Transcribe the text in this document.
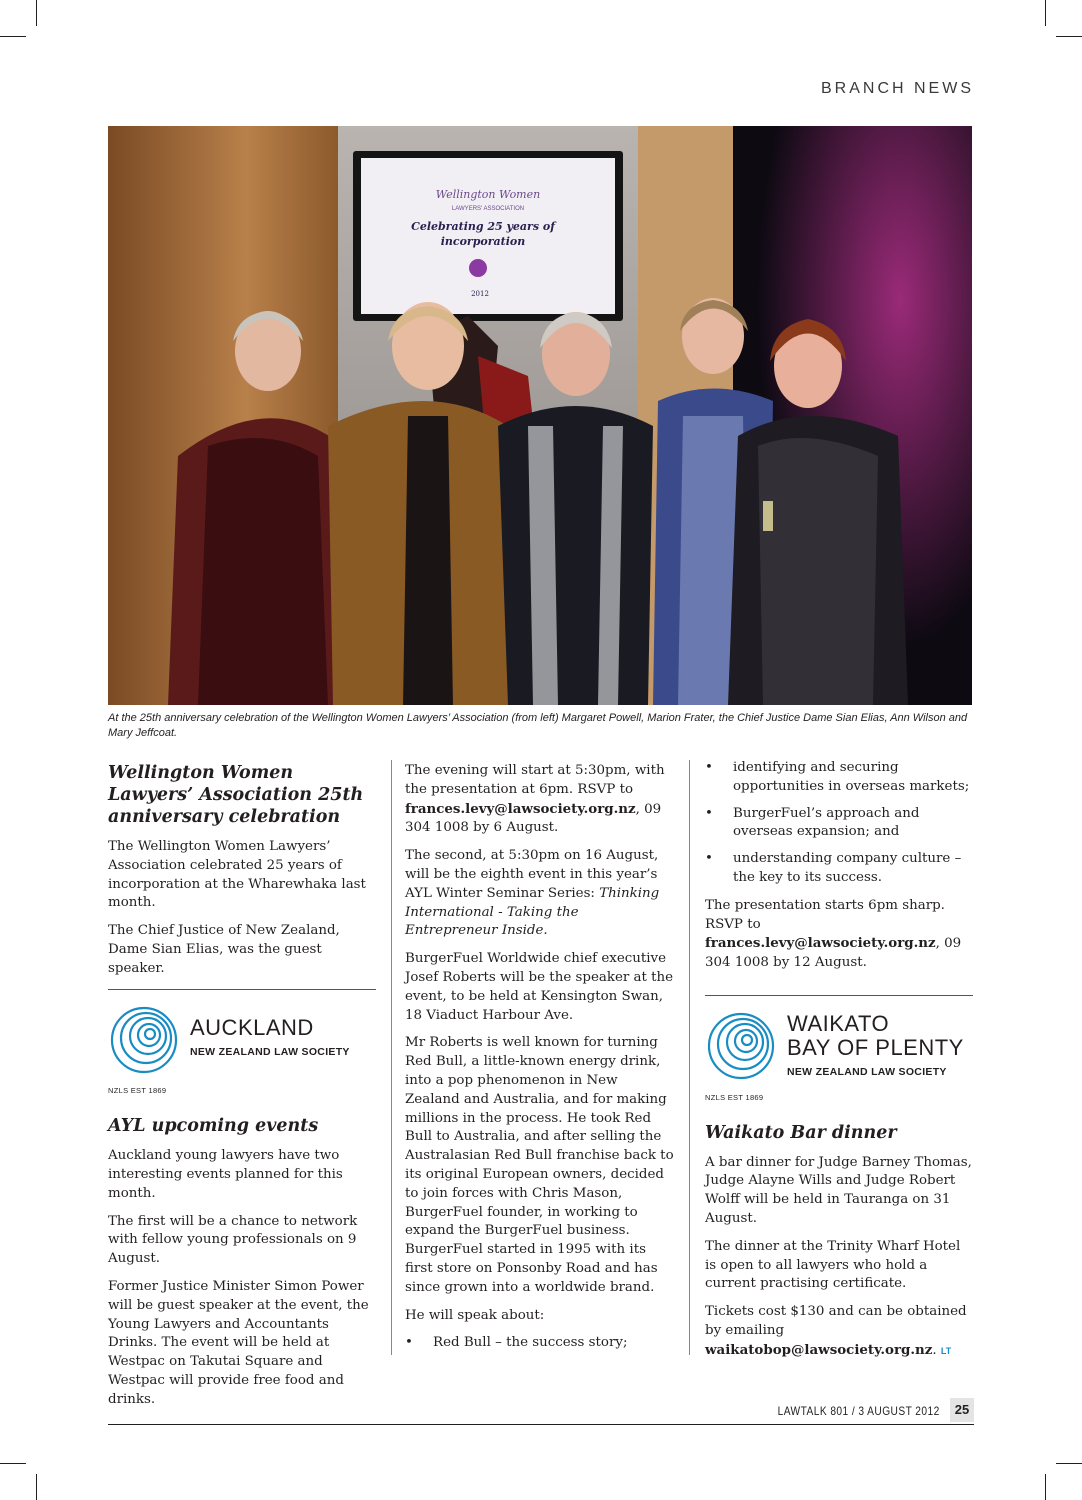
BRANCH NEWS
Wellington Women
LAWYERS' ASSOCIATION
Celebrating 25 years of
incorporation
2012
At the 25th anniversary celebration of the Wellington Women Lawyers’ Association (from left) Margaret Powell, Marion Frater, the Chief Justice Dame Sian Elias, Ann Wilson and Mary Jeffcoat.
Wellington Women Lawyers’ Association 25th anniversary celebration

The Wellington Women Lawyers’ Association celebrated 25 years of incorporation at the Wharewhaka last month.

The Chief Justice of New Zealand, Dame Sian Elias, was the guest speaker.

NZLS EST 1869
AUCKLAND
NEW ZEALAND LAW SOCIETY
AYL upcoming events

Auckland young lawyers have two interesting events planned for this month.

The first will be a chance to network with fellow young professionals on 9 August.

Former Justice Minister Simon Power will be guest speaker at the event, the Young Lawyers and Accountants Drinks. The event will be held at Westpac on Takutai Square and Westpac will provide free food and drinks.

The evening will start at 5:30pm, with the presentation at 6pm. RSVP to frances.levy@lawsociety.org.nz, 09 304 1008 by 6 August.

The second, at 5:30pm on 16 August, will be the eighth event in this year’s AYL Winter Seminar Series: Thinking International - Taking the Entrepreneur Inside.

BurgerFuel Worldwide chief executive Josef Roberts will be the speaker at the event, to be held at Kensington Swan, 18 Viaduct Harbour Ave.

Mr Roberts is well known for turning Red Bull, a little-known energy drink, into a pop phenomenon in New Zealand and Australia, and for making millions in the process. He took Red Bull to Australia, and after selling the Australasian Red Bull franchise back to its original European owners, decided to join forces with Chris Mason, BurgerFuel founder, in working to expand the BurgerFuel business. BurgerFuel started in 1995 with its first store on Ponsonby Road and has since grown into a worldwide brand.

He will speak about:

• Red Bull – the success story;
• identifying and securing opportunities in overseas markets;
• BurgerFuel’s approach and overseas expansion; and
• understanding company culture – the key to its success.

The presentation starts 6pm sharp. RSVP to frances.levy@lawsociety.org.nz, 09 304 1008 by 12 August.

NZLS EST 1869
WAIKATO
BAY OF PLENTY
NEW ZEALAND LAW SOCIETY
Waikato Bar dinner

A bar dinner for Judge Barney Thomas, Judge Alayne Wills and Judge Robert Wolff will be held in Tauranga on 31 August.

The dinner at the Trinity Wharf Hotel is open to all lawyers who hold a current practising certificate.

Tickets cost $130 and can be obtained by emailing waikatobop@lawsociety.org.nz. LT

LAWTALK 801 / 3 AUGUST 2012	25
